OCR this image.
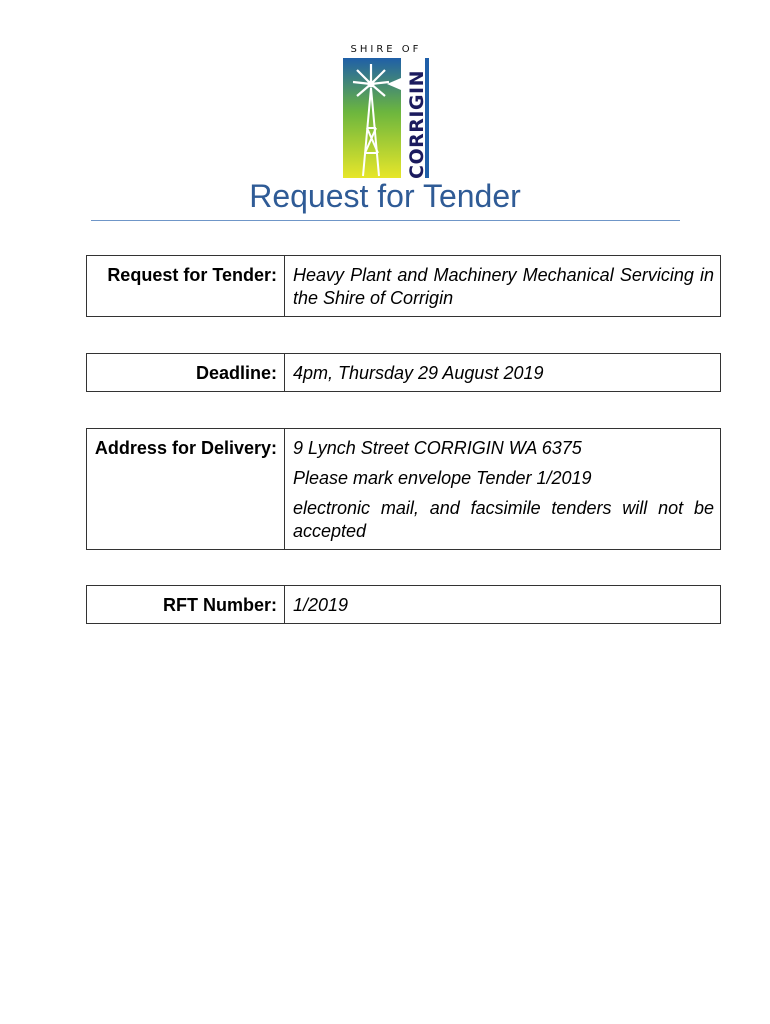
SHIRE OF
CORRIGIN
Request for Tender
Request for Tender:	Heavy Plant and Machinery Mechanical Servicing in the Shire of Corrigin
Deadline:	4pm, Thursday 29 August 2019
Address for Delivery:	9 Lynch Street CORRIGIN WA 6375

Please mark envelope Tender 1/2019

electronic mail, and facsimile tenders will not be accepted

RFT Number:	1/2019
